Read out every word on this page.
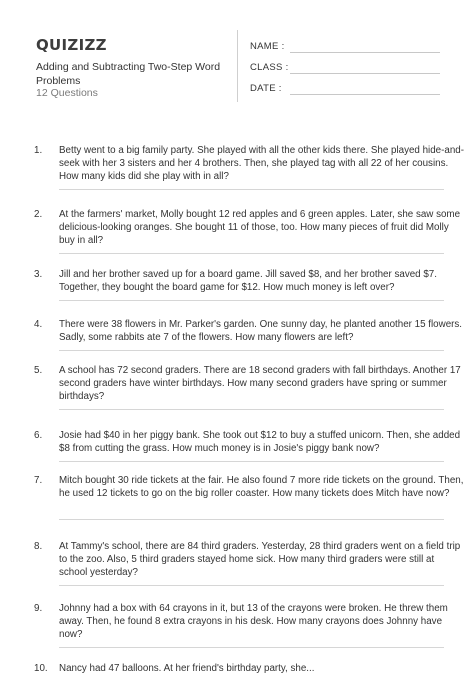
QUIZIZZ
Adding and Subtracting Two-Step Word Problems
12 Questions
NAME :
CLASS :
DATE :
1. Betty went to a big family party. She played with all the other kids there. She played hide-and-seek with her 3 sisters and her 4 brothers. Then, she played tag with all 22 of her cousins. How many kids did she play with in all?
2. At the farmers' market, Molly bought 12 red apples and 6 green apples. Later, she saw some delicious-looking oranges. She bought 11 of those, too. How many pieces of fruit did Molly buy in all?
3. Jill and her brother saved up for a board game. Jill saved $8, and her brother saved $7. Together, they bought the board game for $12. How much money is left over?
4. There were 38 flowers in Mr. Parker's garden. One sunny day, he planted another 15 flowers. Sadly, some rabbits ate 7 of the flowers. How many flowers are left?
5. A school has 72 second graders. There are 18 second graders with fall birthdays. Another 17 second graders have winter birthdays. How many second graders have spring or summer birthdays?
6. Josie had $40 in her piggy bank. She took out $12 to buy a stuffed unicorn. Then, she added $8 from cutting the grass. How much money is in Josie's piggy bank now?
7. Mitch bought 30 ride tickets at the fair. He also found 7 more ride tickets on the ground. Then, he used 12 tickets to go on the big roller coaster. How many tickets does Mitch have now?
8. At Tammy's school, there are 84 third graders. Yesterday, 28 third graders went on a field trip to the zoo. Also, 5 third graders stayed home sick. How many third graders were still at school yesterday?
9. Johnny had a box with 64 crayons in it, but 13 of the crayons were broken. He threw them away. Then, he found 8 extra crayons in his desk. How many crayons does Johnny have now?
10. Nancy had 47 balloons. At her friend's birthday party, she...
